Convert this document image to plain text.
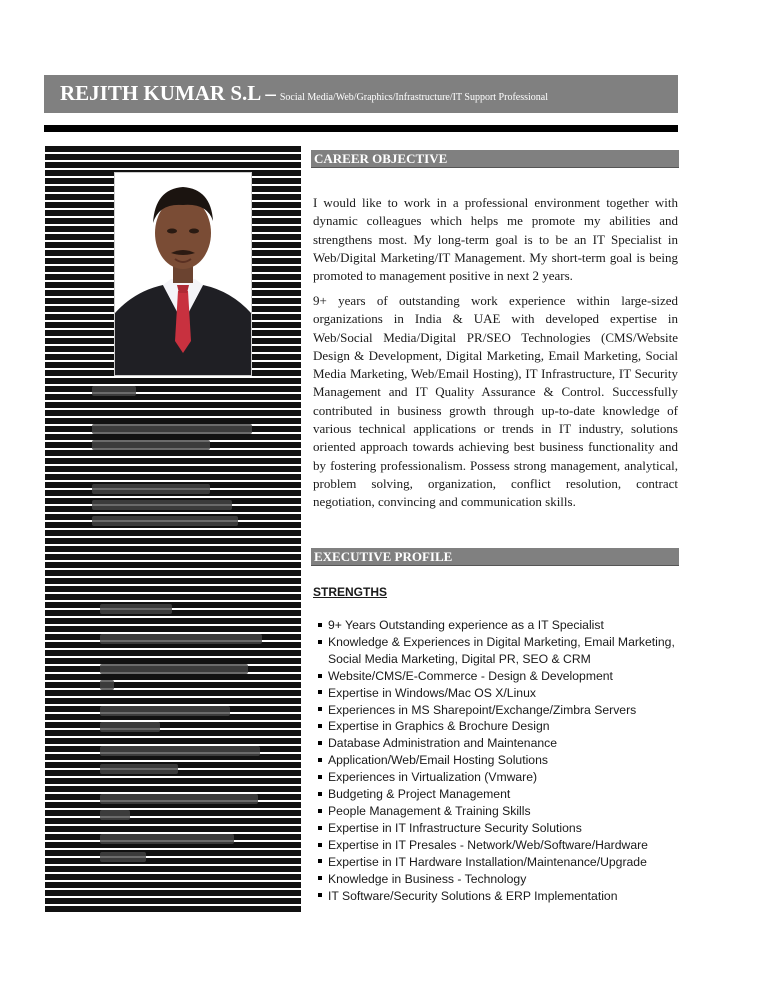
REJITH KUMAR S.L – Social Media/Web/Graphics/Infrastructure/IT Support Professional
CAREER OBJECTIVE

I would like to work in a professional environment together with dynamic colleagues which helps me promote my abilities and strengthens most. My long-term goal is to be an IT Specialist in Web/Digital Marketing/IT Management. My short-term goal is being promoted to management positive in next 2 years.

9+ years of outstanding work experience within large-sized organizations in India & UAE with developed expertise in Web/Social Media/Digital PR/SEO Technologies (CMS/Website Design & Development, Digital Marketing, Email Marketing, Social Media Marketing, Web/Email Hosting), IT Infrastructure, IT Security Management and IT Quality Assurance & Control. Successfully contributed in business growth through up-to-date knowledge of various technical applications or trends in IT industry, solutions oriented approach towards achieving best business functionality and by fostering professionalism. Possess strong management, analytical, problem solving, organization, conflict resolution, contract negotiation, convincing and communication skills.

EXECUTIVE PROFILE

STRENGTHS

9+ Years Outstanding experience as a IT Specialist
Knowledge & Experiences in Digital Marketing, Email Marketing, Social Media Marketing, Digital PR, SEO & CRM
Website/CMS/E-Commerce - Design & Development
Expertise in Windows/Mac OS X/Linux
Experiences in MS Sharepoint/Exchange/Zimbra Servers
Expertise in Graphics & Brochure Design
Database Administration and Maintenance
Application/Web/Email Hosting Solutions
Experiences in Virtualization (Vmware)
Budgeting & Project Management
People Management & Training Skills
Expertise in IT Infrastructure Security Solutions
Expertise in IT Presales - Network/Web/Software/Hardware
Expertise in IT Hardware Installation/Maintenance/Upgrade
Knowledge in Business - Technology
IT Software/Security Solutions & ERP Implementation
